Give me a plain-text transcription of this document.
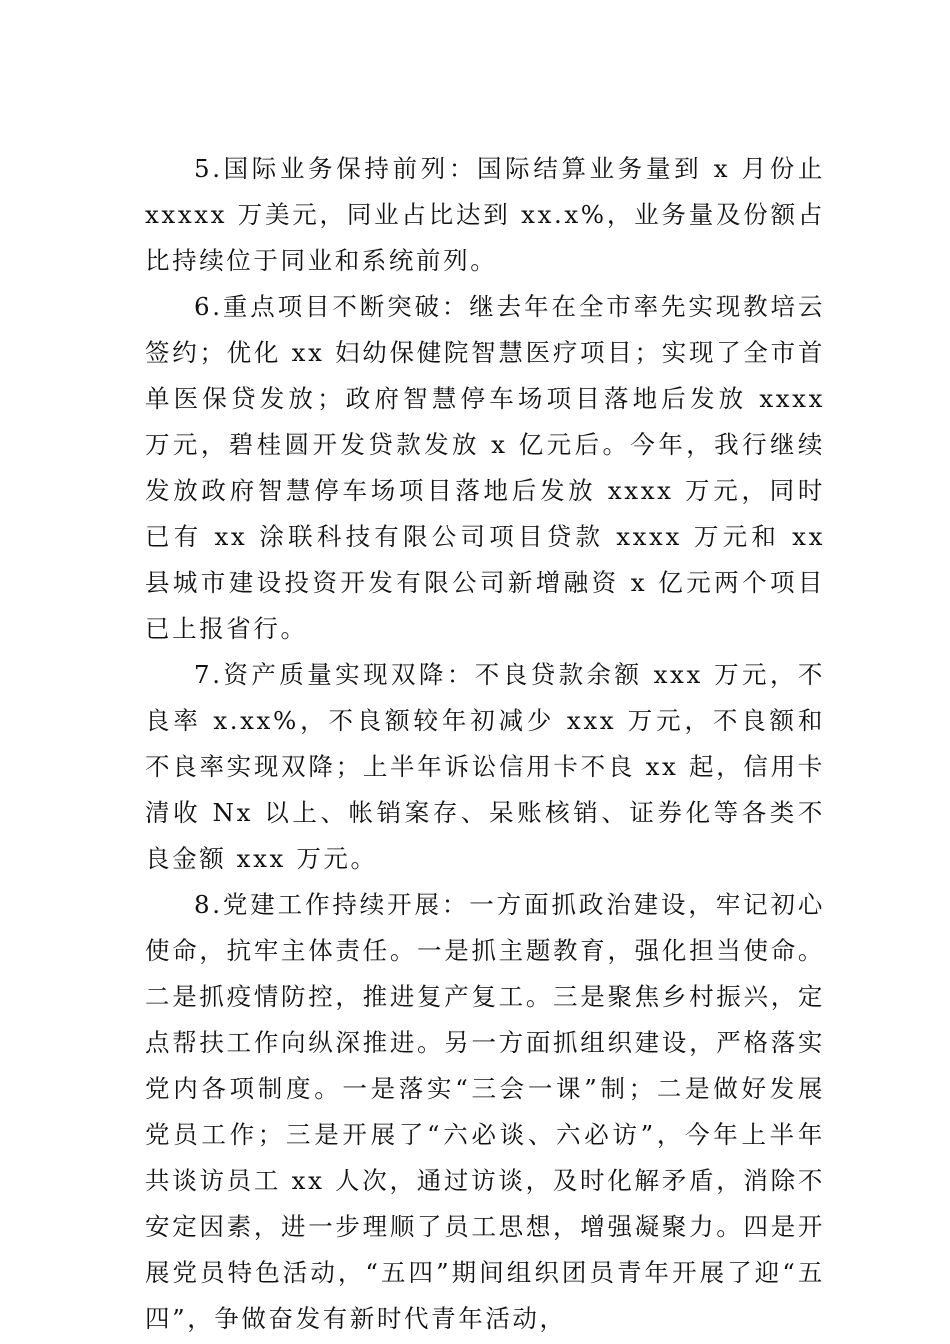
5.国际业务保持前列：国际结算业务量到 x 月份止 xxxxx 万美元，同业占比达到 xx.x%，业务量及份额占比持续位于同业和系统前列。

6.重点项目不断突破：继去年在全市率先实现教培云签约；优化 xx 妇幼保健院智慧医疗项目；实现了全市首单医保贷发放；政府智慧停车场项目落地后发放 xxxx 万元，碧桂圆开发贷款发放 x 亿元后。今年，我行继续发放政府智慧停车场项目落地后发放 xxxx 万元，同时已有 xx 涂联科技有限公司项目贷款 xxxx 万元和 xx 县城市建设投资开发有限公司新增融资 x 亿元两个项目已上报省行。

7.资产质量实现双降：不良贷款余额 xxx 万元，不良率 x.xx%，不良额较年初减少 xxx 万元，不良额和不良率实现双降；上半年诉讼信用卡不良 xx 起，信用卡清收 Nx 以上、帐销案存、呆账核销、证券化等各类不良金额 xxx 万元。

8.党建工作持续开展：一方面抓政治建设，牢记初心使命，抗牢主体责任。一是抓主题教育，强化担当使命。二是抓疫情防控，推进复产复工。三是聚焦乡村振兴，定点帮扶工作向纵深推进。另一方面抓组织建设，严格落实党内各项制度。一是落实“三会一课”制；二是做好发展党员工作；三是开展了“六必谈、六必访”，今年上半年共谈访员工 xx 人次，通过访谈，及时化解矛盾，消除不安定因素，进一步理顺了员工思想，增强凝聚力。四是开展党员特色活动，“五四”期间组织团员青年开展了迎“五四”，争做奋发有新时代青年活动，
